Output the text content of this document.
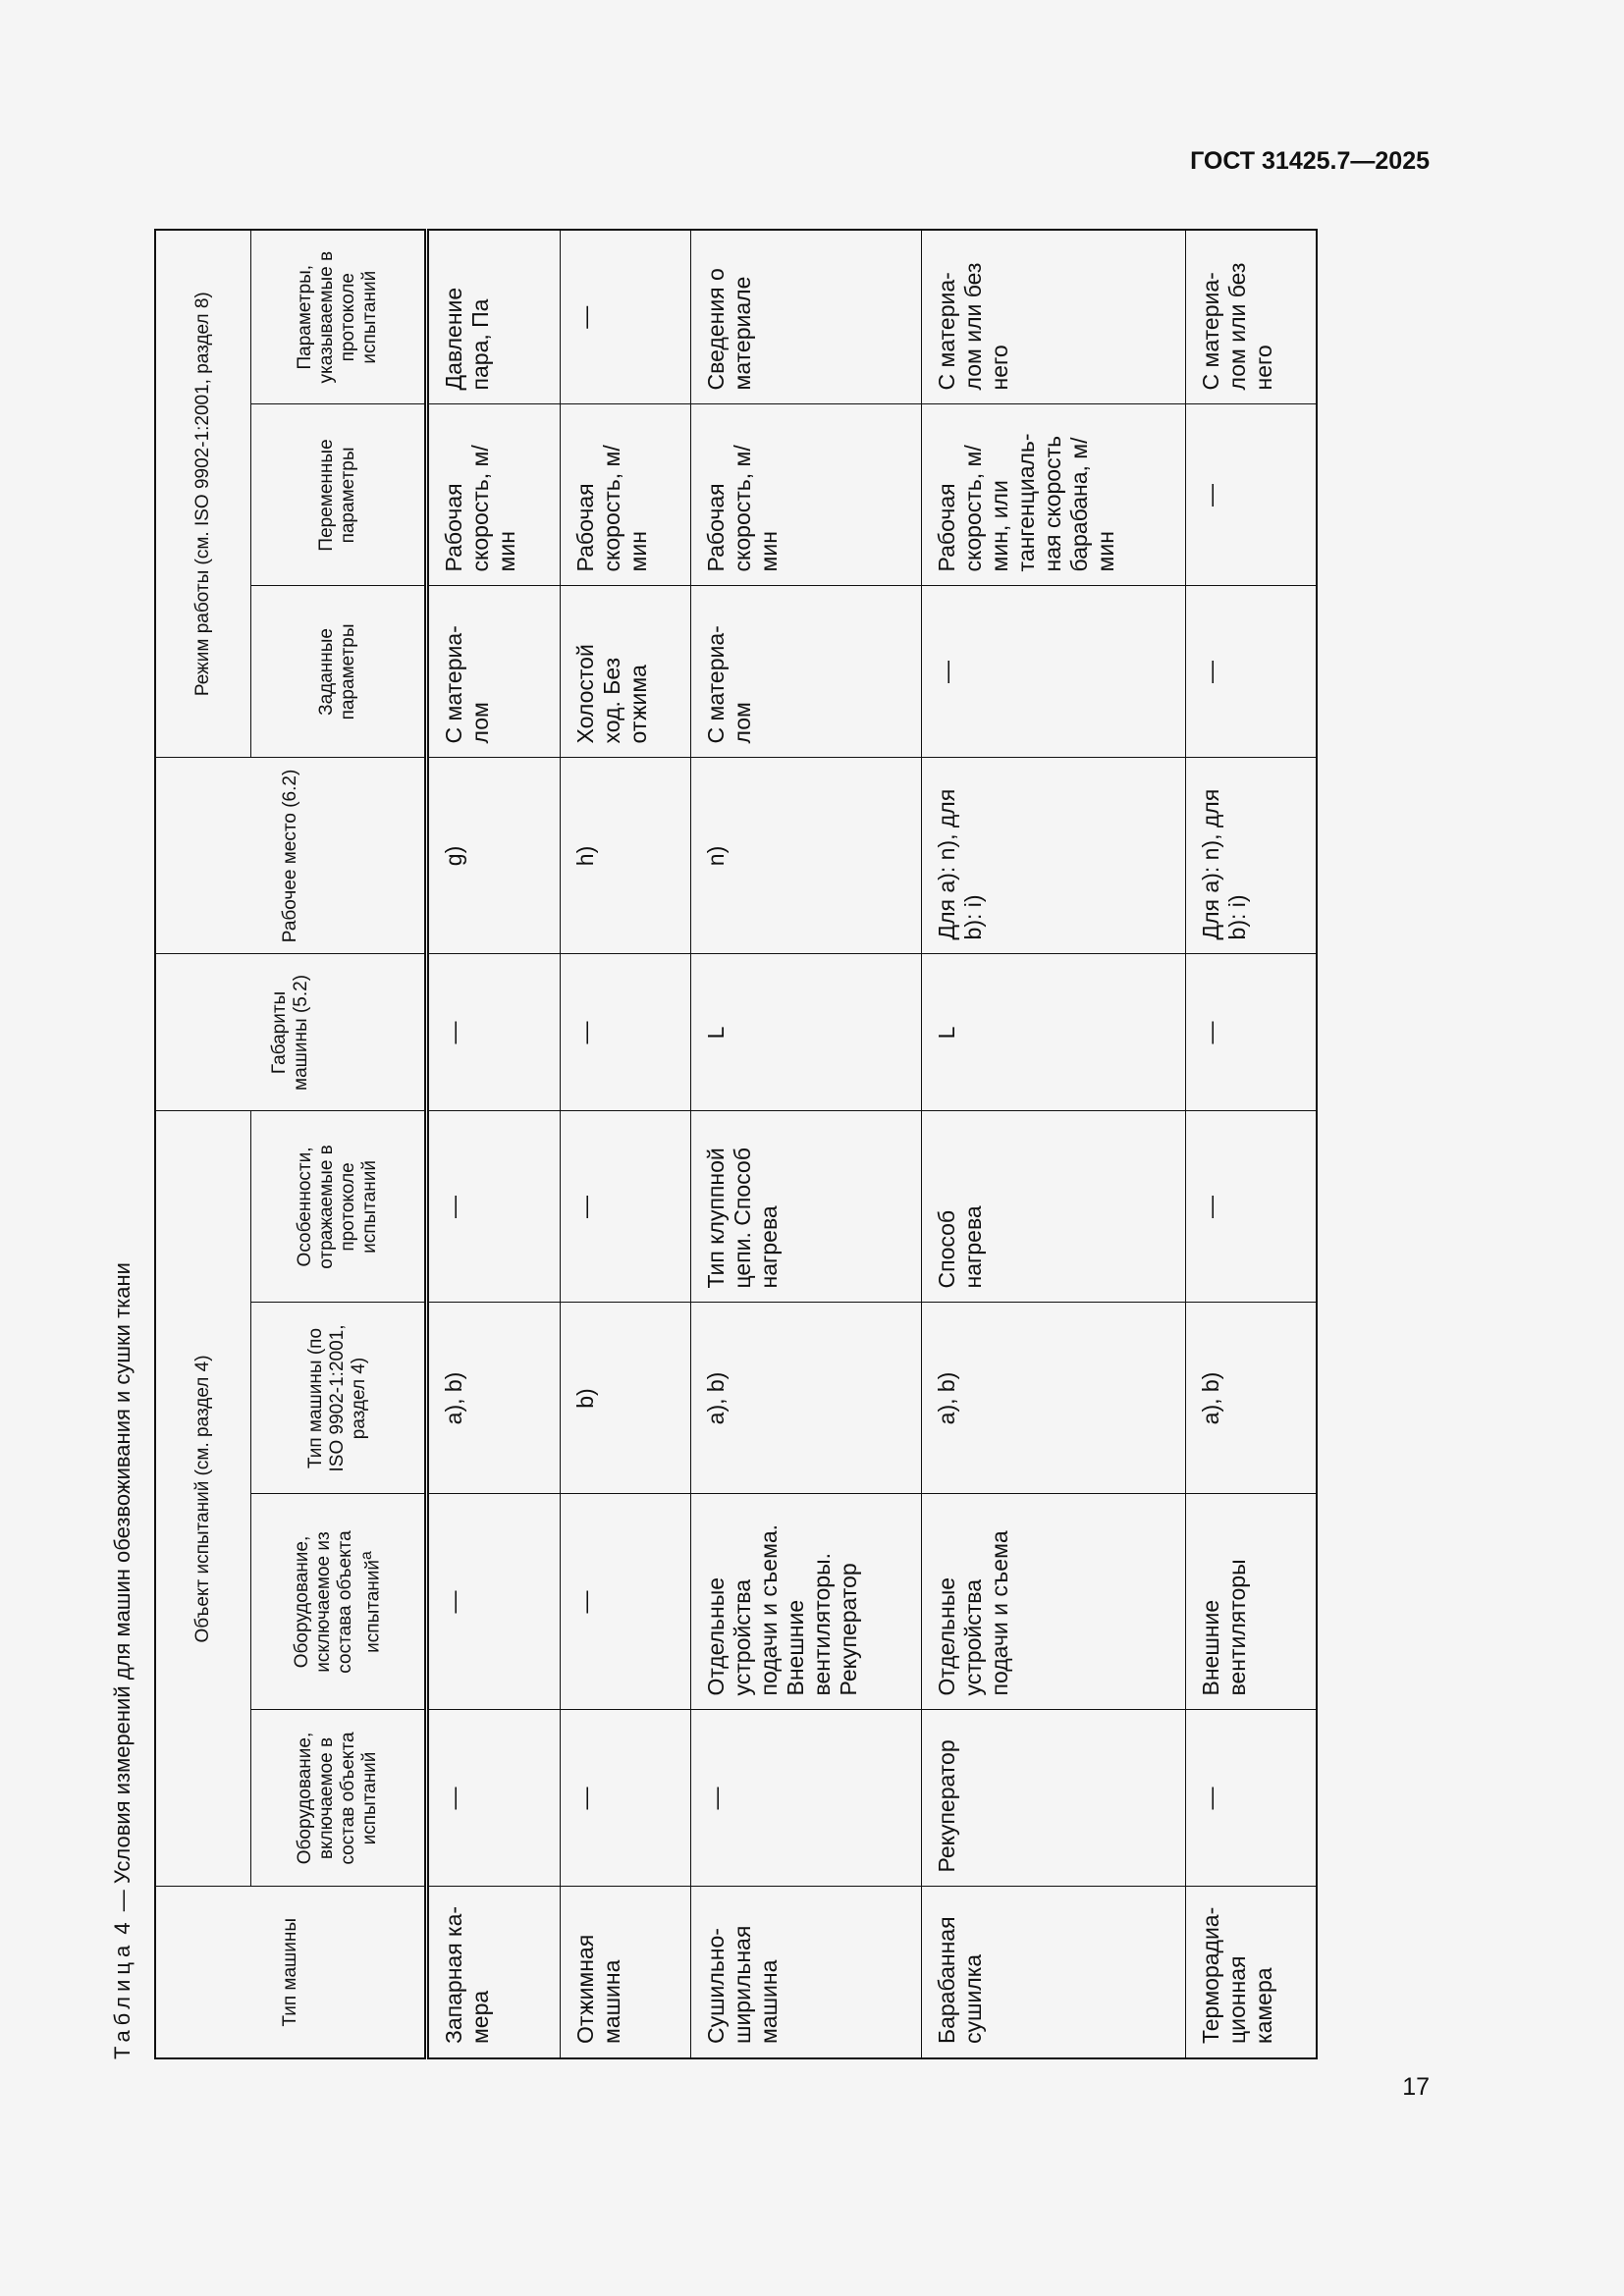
ГОСТ 31425.7—2025
Таблица 4 — Условия измерений для машин обезвоживания и сушки ткани
Тип машины	Объект испытаний (см. раздел 4)				Габариты машины (5.2)	Рабочее место (6.2)	Режим работы (см. ISO 9902-1:2001, раздел 8)		
	Оборудование, включаемое в состав объекта испытаний	Оборудование, исключаемое из состава объекта испытаний$^a$	Тип машины (по ISO 9902-1:2001, раздел 4)	Особенности, отражаемые в протоколе испытаний			Заданные параметры	Переменные параметры	Параметры, указываемые в протоколе испытаний
Запарная ка-мера	—	—	a), b)	—	—	g)	С материа-лом	Рабочая скорость, м/мин	Давление пара, Па
Отжимная машина	—	—	b)	—	—	h)	Холостой ход. Без отжима	Рабочая скорость, м/мин	—
Сушильно-ширильная машина	—	Отдельные устройства подачи и съема. Внешние вентиляторы. Рекуператор	a), b)	Тип клуппной цепи. Способ нагрева	L	n)	С материа-лом	Рабочая скорость, м/мин	Сведения о материале
Барабанная сушилка	Рекуператор	Отдельные устройства подачи и съема	a), b)	Способ нагрева	L	Для a): n), для b): i)	—	Рабочая скорость, м/мин, или тангенциаль-ная скорость барабана, м/мин	С материа-лом или без него
Терморадиа-ционная камера	—	Внешние вентиляторы	a), b)	—	—	Для a): n), для b): i)	—	—	С материа-лом или без него
17
